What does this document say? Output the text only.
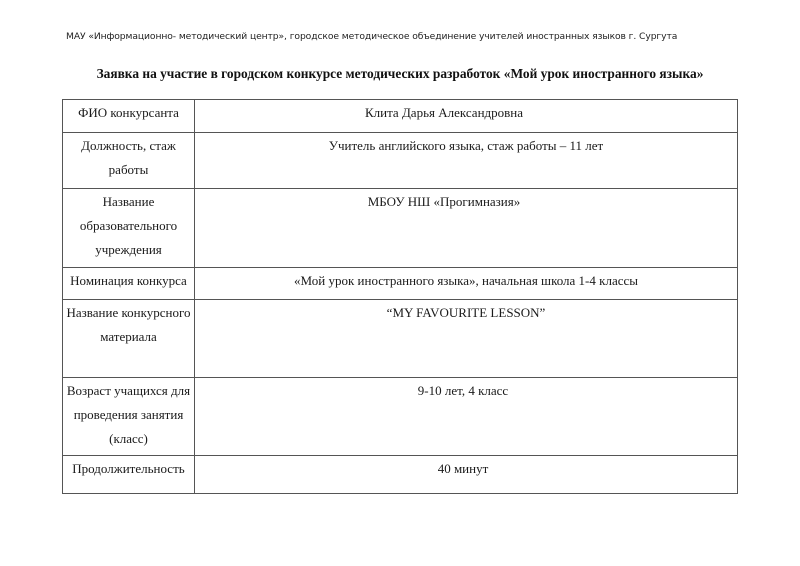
МАУ «Информационно- методический центр», городское методическое объединение учителей иностранных языков г. Сургута
Заявка на участие в городском конкурсе методических разработок «Мой урок иностранного языка»
ФИО конкурсанта	Клита Дарья Александровна

Должность, стаж работы	Учитель английского языка, стаж работы – 11 лет

Название образовательного учреждения	МБОУ НШ «Прогимназия»

Номинация конкурса	«Мой урок иностранного языка», начальная школа 1-4 классы

Название конкурсного материала	“MY FAVOURITE LESSON”

Возраст учащихся для проведения занятия (класс)	9-10 лет, 4 класс

Продолжительность	40 минут
